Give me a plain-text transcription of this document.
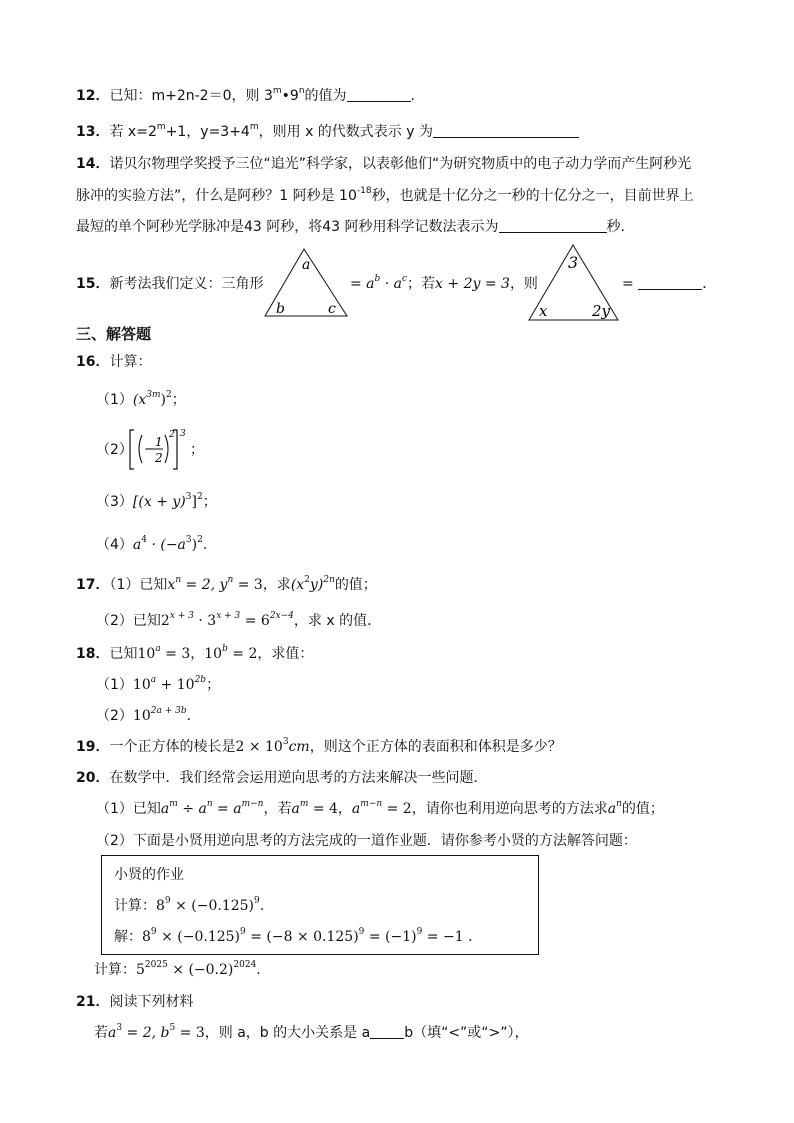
12．已知：m+2n-2＝0，则 3$^m$•9$^n$的值为	.
13．若 $x=2^m+1$，$y=3+4^m$，则用 x 的代数式表示 y 为
14．诺贝尔物理学奖授予三位“追光”科学家，以表彰他们“为研究物质中的电子动力学而产生阿秒光
脉冲的实验方法”，什么是阿秒？1 阿秒是 $10^{-18}$秒，也就是十亿分之一秒的十亿分之一，目前世界上
最短的单个阿秒光学脉冲是43 阿秒，将43 阿秒用科学记数法表示为	秒.
15．新考法我们定义：三角形
a
b	c
= $a^b \cdot a^c$；若x + 2y = 3，则
3
x	2y
=	．
三、解答题
16．计算：
$(1)(x^{3m})^2$；
（2） − 1
2
2 3
；
$(3)[(x + y)^3]^2$；
$(4)a^4 \cdot (-a^3)^2$.
17．（1）已知$x^n = 2$, $y^n = 3$，求$(x^2y)^{2n}$的值；
（2）已知$2^{x + 3} \cdot 3^{x + 3} = 6^{2x-4}$，求 x 的值．
18．已知$10^a = 3$，$10^b = 2$，求值：
$(1)10^a + 10^{2b}$；
$(2)10^{2a + 3b}$.
19．一个正方体的棱长是$2 \times 10^3cm$，则这个正方体的表面积和体积是多少？
20．在数学中．我们经常会运用逆向思考的方法来解决一些问题．
（1）已知$a^m \div a^n = a^{m-n}$，若$a^m = 4$，$a^{m-n} = 2$，请你也利用逆向思考的方法求$a^n$的值；
（2）下面是小贤用逆向思考的方法完成的一道作业题．请你参考小贤的方法解答问题：
小贤的作业
计算：$8^9 \times (-0.125)^9$.
解：$8^9 \times (-0.125)^9 = (-8 \times 0.125)^9 = (-1)^9 = -1$ .
计算：$5^{2025} \times (-0.2)^{2024}$.
21．阅读下列材料
若$a^3 = 2$, $b^5 = 3$，则 a，b 的大小关系是 a b（填“<”或“>”），
